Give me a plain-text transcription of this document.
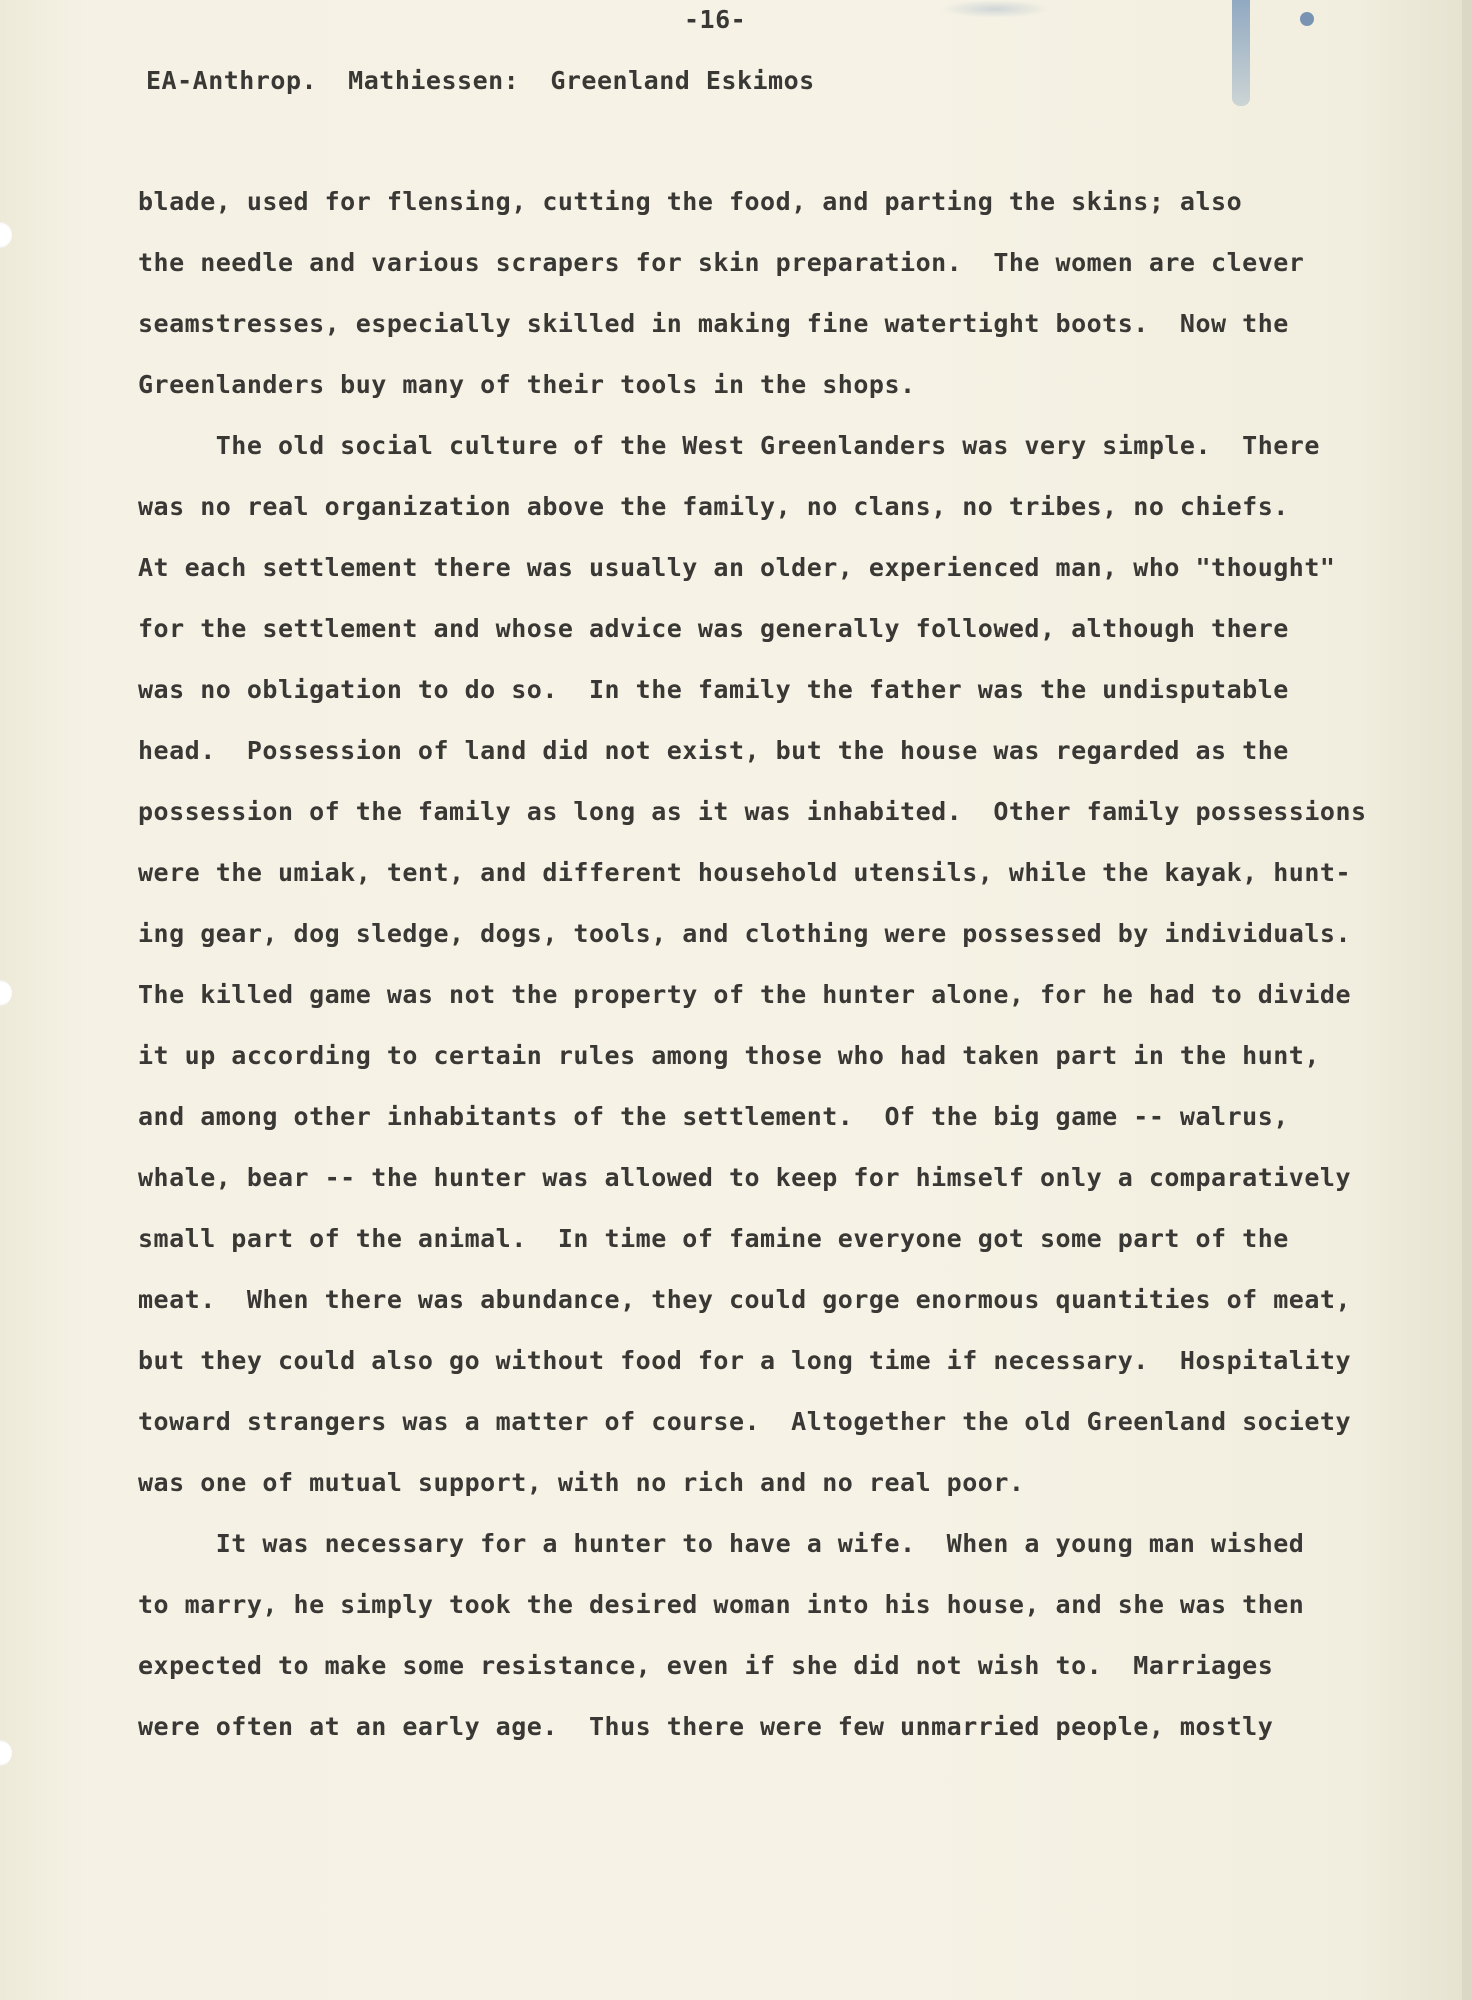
-16-

EA-Anthrop.  Mathiessen:  Greenland Eskimos

blade, used for flensing, cutting the food, and parting the skins; also

the needle and various scrapers for skin preparation.  The women are clever

seamstresses, especially skilled in making fine watertight boots.  Now the

Greenlanders buy many of their tools in the shops.

The old social culture of the West Greenlanders was very simple.  There

was no real organization above the family, no clans, no tribes, no chiefs.

At each settlement there was usually an older, experienced man, who "thought"

for the settlement and whose advice was generally followed, although there

was no obligation to do so.  In the family the father was the undisputable

head.  Possession of land did not exist, but the house was regarded as the

possession of the family as long as it was inhabited.  Other family possessions

were the umiak, tent, and different household utensils, while the kayak, hunt-

ing gear, dog sledge, dogs, tools, and clothing were possessed by individuals.

The killed game was not the property of the hunter alone, for he had to divide

it up according to certain rules among those who had taken part in the hunt,

and among other inhabitants of the settlement.  Of the big game -- walrus,

whale, bear -- the hunter was allowed to keep for himself only a comparatively

small part of the animal.  In time of famine everyone got some part of the

meat.  When there was abundance, they could gorge enormous quantities of meat,

but they could also go without food for a long time if necessary.  Hospitality

toward strangers was a matter of course.  Altogether the old Greenland society

was one of mutual support, with no rich and no real poor.

It was necessary for a hunter to have a wife.  When a young man wished

to marry, he simply took the desired woman into his house, and she was then

expected to make some resistance, even if she did not wish to.  Marriages

were often at an early age.  Thus there were few unmarried people, mostly
